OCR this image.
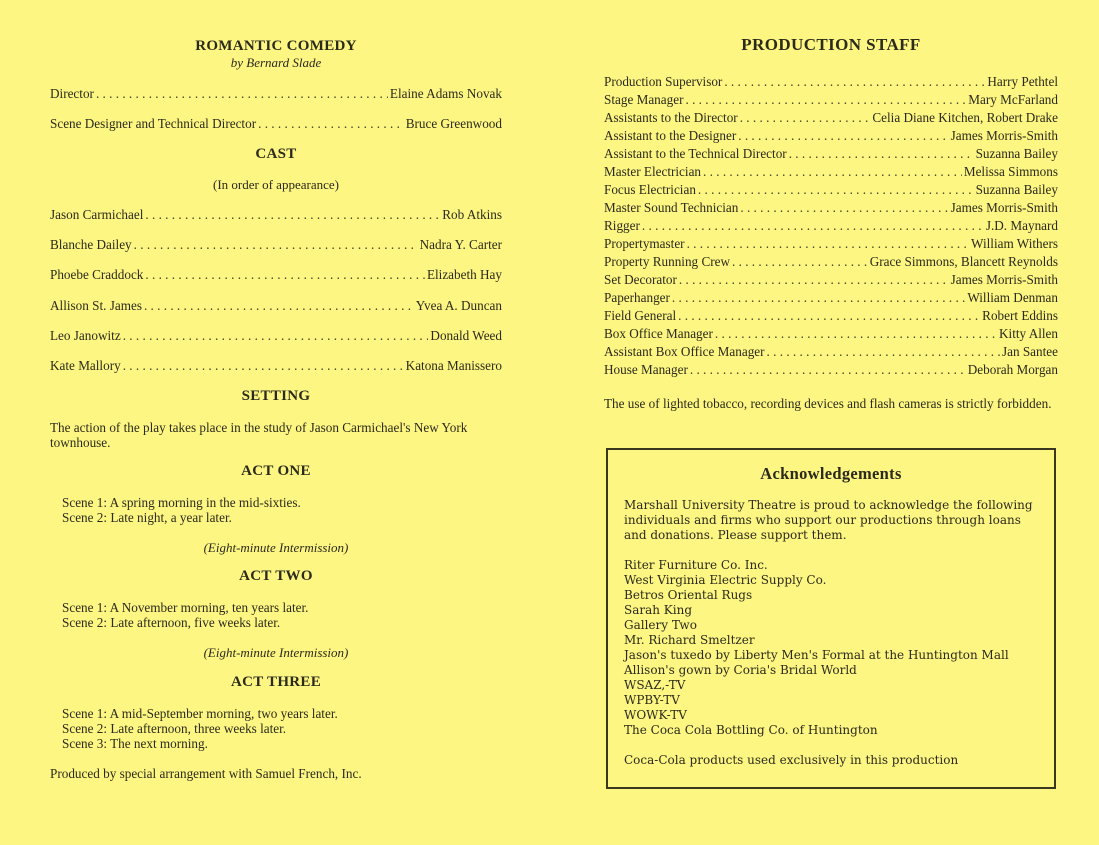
ROMANTIC COMEDY
by Bernard Slade
Director . . .	Elaine Adams Novak
Scene Designer and Technical Director . . .	Bruce Greenwood
CAST
(In order of appearance)
Jason Carmichael . . .	Rob Atkins
Blanche Dailey . . .	Nadra Y. Carter
Phoebe Craddock . . .	Elizabeth Hay
Allison St. James . . .	Yvea A. Duncan
Leo Janowitz . . .	Donald Weed
Kate Mallory . . .	Katona Manissero
SETTING
The action of the play takes place in the study of Jason Carmichael's New York townhouse.
ACT ONE
Scene 1: A spring morning in the mid-sixties.
Scene 2: Late night, a year later.
(Eight-minute Intermission)
ACT TWO
Scene 1: A November morning, ten years later.
Scene 2: Late afternoon, five weeks later.
(Eight-minute Intermission)
ACT THREE
Scene 1: A mid-September morning, two years later.
Scene 2: Late afternoon, three weeks later.
Scene 3: The next morning.
Produced by special arrangement with Samuel French, Inc.
PRODUCTION STAFF
Production Supervisor . . .	Harry Pethtel
Stage Manager . . .	Mary McFarland
Assistants to the Director . . .	Celia Diane Kitchen, Robert Drake
Assistant to the Designer . . .	James Morris-Smith
Assistant to the Technical Director . . .	Suzanna Bailey
Master Electrician . . .	Melissa Simmons
Focus Electrician . . .	Suzanna Bailey
Master Sound Technician . . .	James Morris-Smith
Rigger . . .	J.D. Maynard
Propertymaster . . .	William Withers
Property Running Crew . . .	Grace Simmons, Blancett Reynolds
Set Decorator . . .	James Morris-Smith
Paperhanger . . .	William Denman
Field General . . .	Robert Eddins
Box Office Manager . . .	Kitty Allen
Assistant Box Office Manager . . .	Jan Santee
House Manager . . .	Deborah Morgan
The use of lighted tobacco, recording devices and flash cameras is strictly forbidden.
Acknowledgements
Marshall University Theatre is proud to acknowledge the following individuals and firms who support our productions through loans and donations. Please support them.
Riter Furniture Co. Inc.
West Virginia Electric Supply Co.
Betros Oriental Rugs
Sarah King
Gallery Two
Mr. Richard Smeltzer
Jason's tuxedo by Liberty Men's Formal at the Huntington Mall
Allison's gown by Coria's Bridal World
WSAZ,-TV
WPBY-TV
WOWK-TV
The Coca Cola Bottling Co. of Huntington
Coca-Cola products used exclusively in this production
